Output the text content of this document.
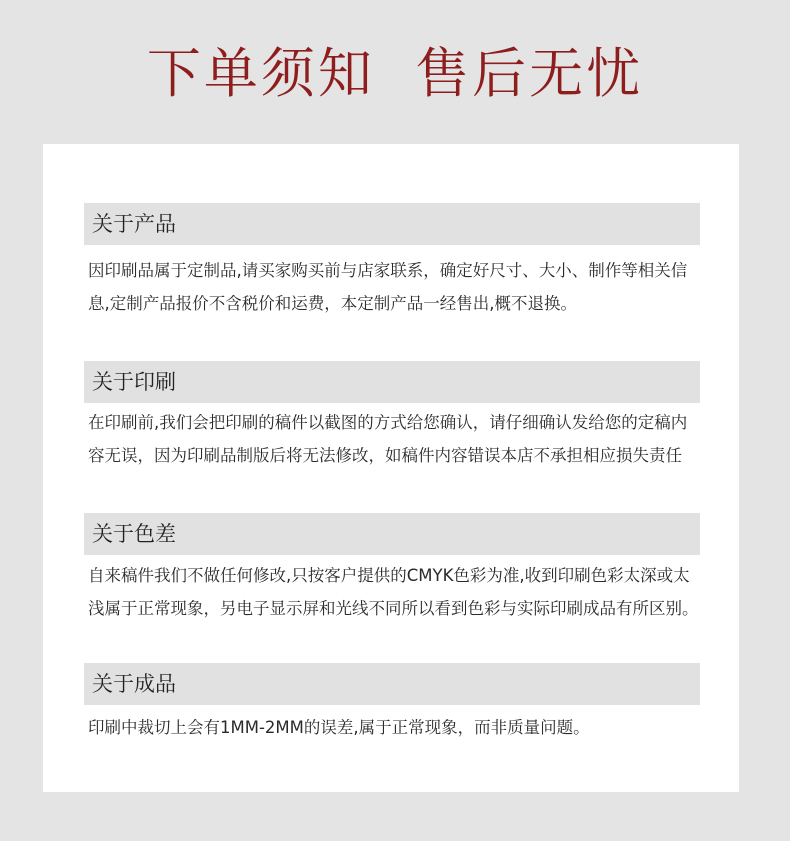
下单须知  售后无忧
关于产品
因印刷品属于定制品,请买家购买前与店家联系，确定好尺寸、大小、制作等相关信息,定制产品报价不含税价和运费，本定制产品一经售出,概不退换。
关于印刷
在印刷前,我们会把印刷的稿件以截图的方式给您确认，请仔细确认发给您的定稿内容无误，因为印刷品制版后将无法修改，如稿件内容错误本店不承担相应损失责任
关于色差
自来稿件我们不做任何修改,只按客户提供的CMYK色彩为准,收到印刷色彩太深或太浅属于正常现象，另电子显示屏和光线不同所以看到色彩与实际印刷成品有所区别。
关于成品
印刷中裁切上会有1MM-2MM的误差,属于正常现象，而非质量问题。
